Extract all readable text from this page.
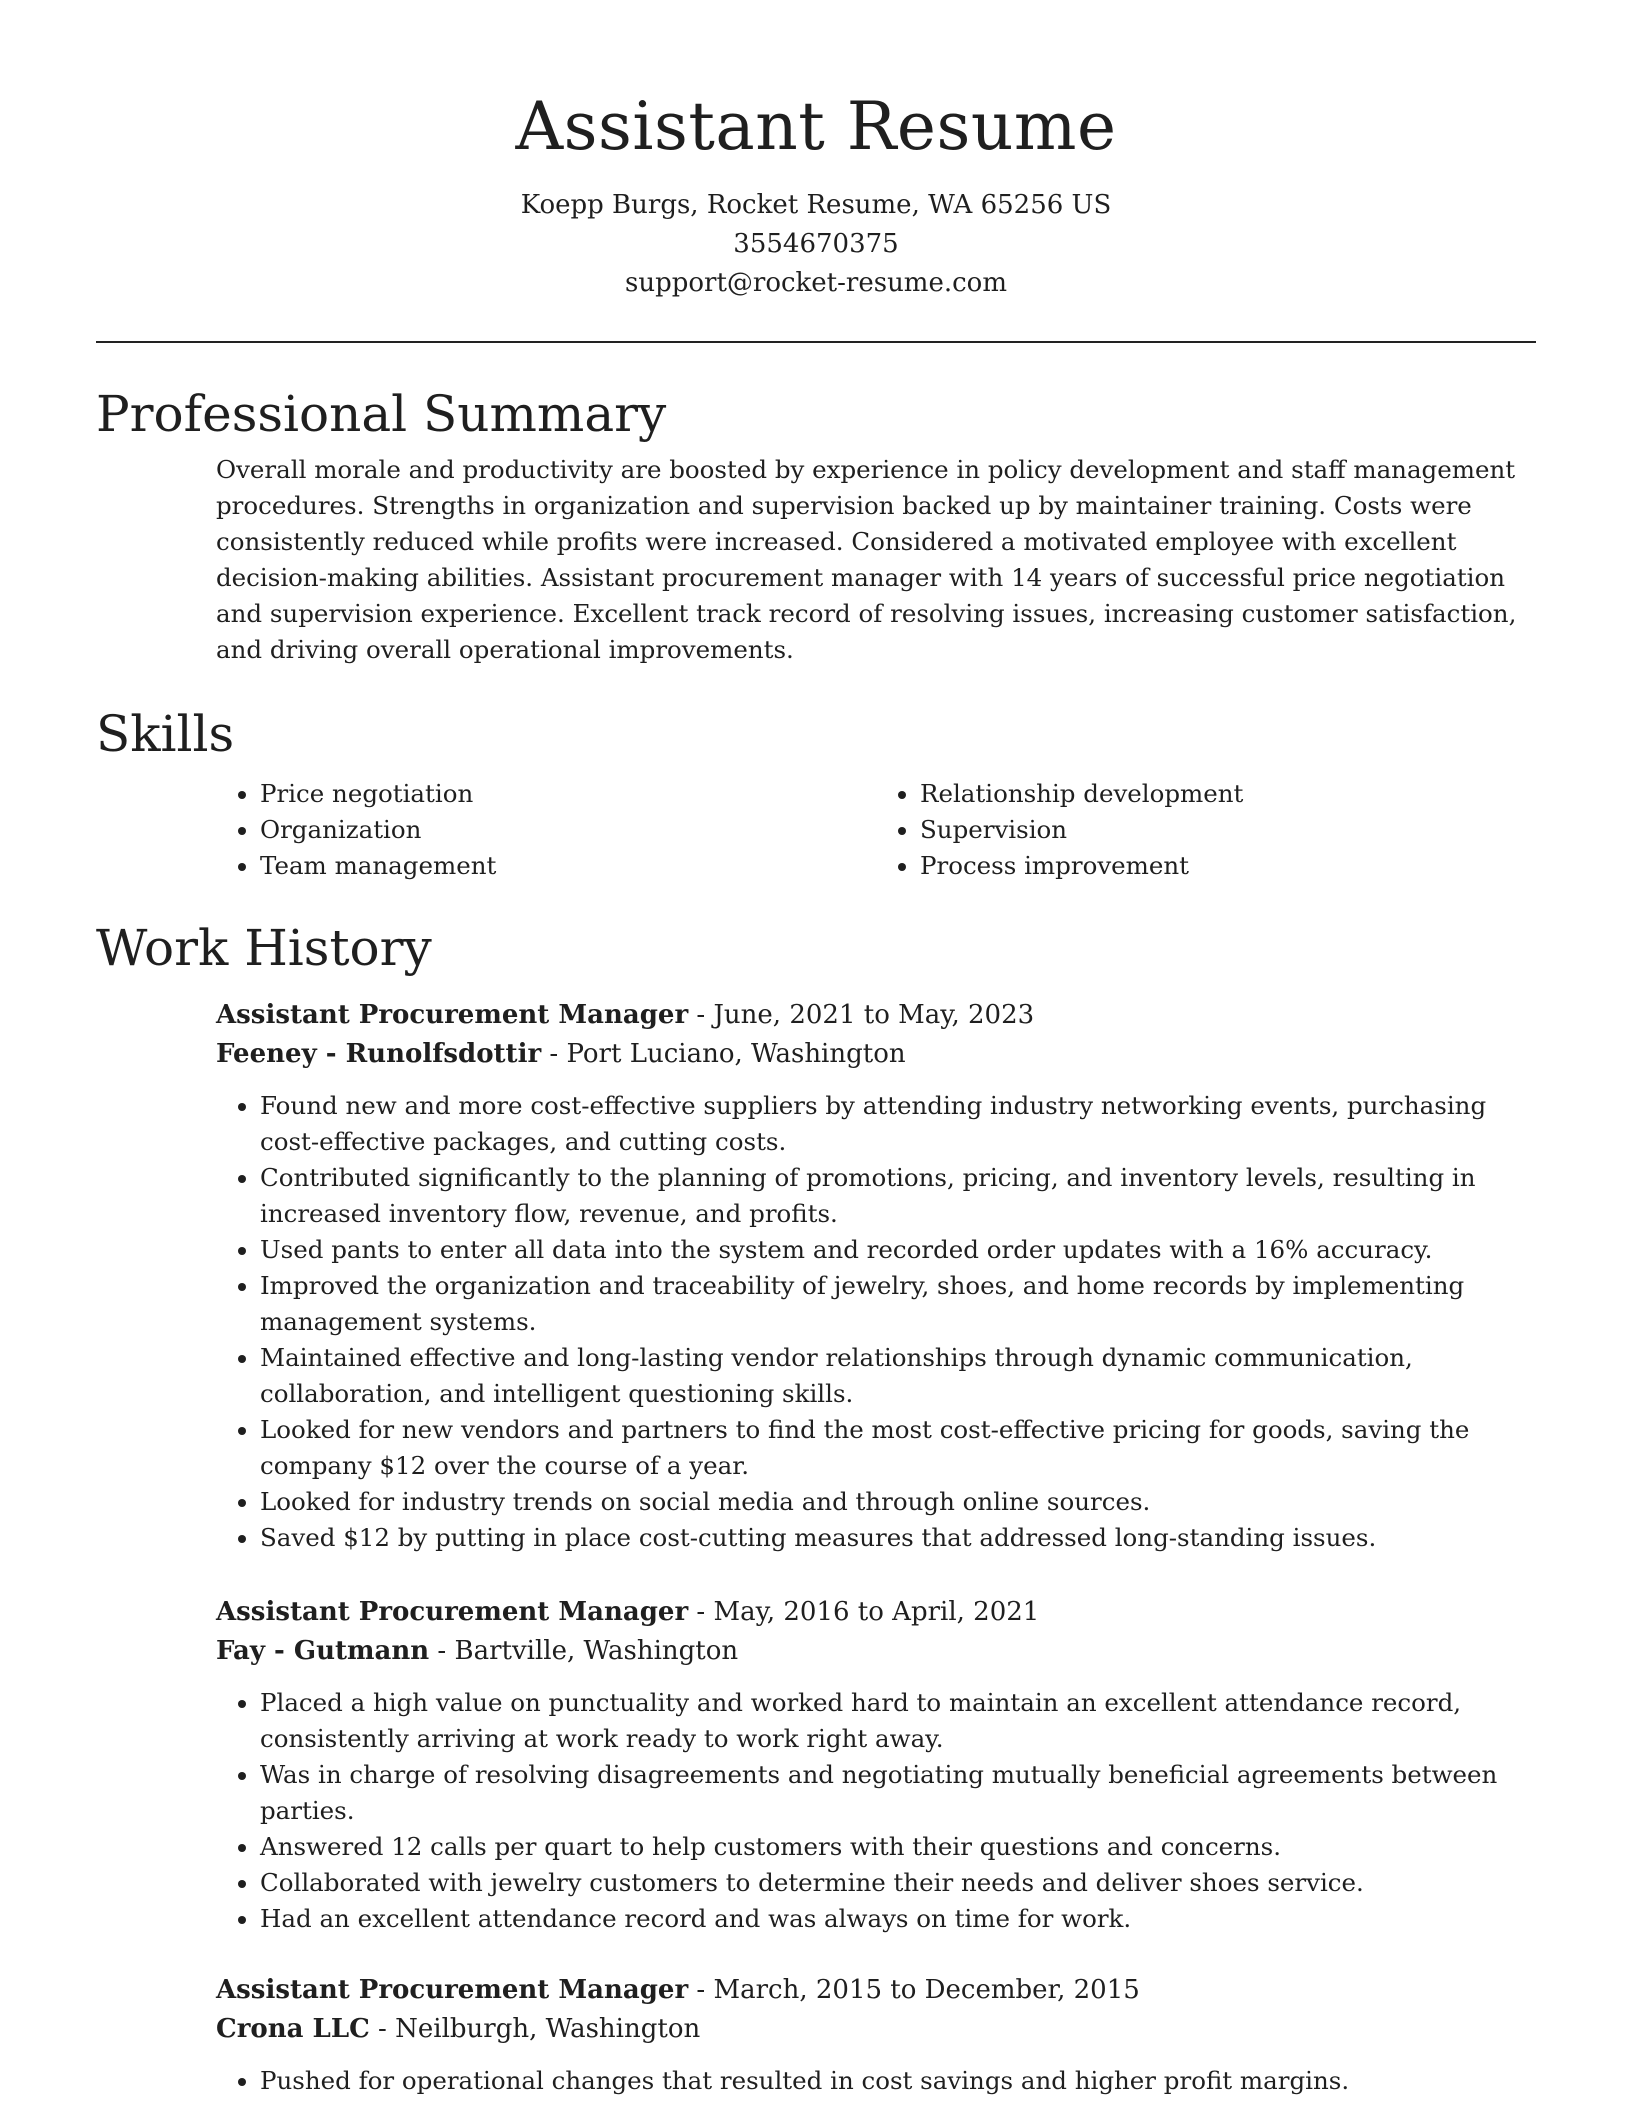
Assistant Resume
Koepp Burgs, Rocket Resume, WA 65256 US
3554670375
support@rocket-resume.com
Professional Summary
Overall morale and productivity are boosted by experience in policy development and staff management procedures. Strengths in organization and supervision backed up by maintainer training. Costs were consistently reduced while profits were increased. Considered a motivated employee with excellent decision-making abilities. Assistant procurement manager with 14 years of successful price negotiation and supervision experience. Excellent track record of resolving issues, increasing customer satisfaction, and driving overall operational improvements.
Skills
• Price negotiation
• Organization
• Team management
• Relationship development
• Supervision
• Process improvement
Work History
Assistant Procurement Manager - June, 2021 to May, 2023
Feeney - Runolfsdottir - Port Luciano, Washington
• Found new and more cost-effective suppliers by attending industry networking events, purchasing cost-effective packages, and cutting costs.
• Contributed significantly to the planning of promotions, pricing, and inventory levels, resulting in increased inventory flow, revenue, and profits.
• Used pants to enter all data into the system and recorded order updates with a 16% accuracy.
• Improved the organization and traceability of jewelry, shoes, and home records by implementing management systems.
• Maintained effective and long-lasting vendor relationships through dynamic communication, collaboration, and intelligent questioning skills.
• Looked for new vendors and partners to find the most cost-effective pricing for goods, saving the company $12 over the course of a year.
• Looked for industry trends on social media and through online sources.
• Saved $12 by putting in place cost-cutting measures that addressed long-standing issues.
Assistant Procurement Manager - May, 2016 to April, 2021
Fay - Gutmann - Bartville, Washington
• Placed a high value on punctuality and worked hard to maintain an excellent attendance record, consistently arriving at work ready to work right away.
• Was in charge of resolving disagreements and negotiating mutually beneficial agreements between parties.
• Answered 12 calls per quart to help customers with their questions and concerns.
• Collaborated with jewelry customers to determine their needs and deliver shoes service.
• Had an excellent attendance record and was always on time for work.
Assistant Procurement Manager - March, 2015 to December, 2015
Crona LLC - Neilburgh, Washington
• Pushed for operational changes that resulted in cost savings and higher profit margins.
